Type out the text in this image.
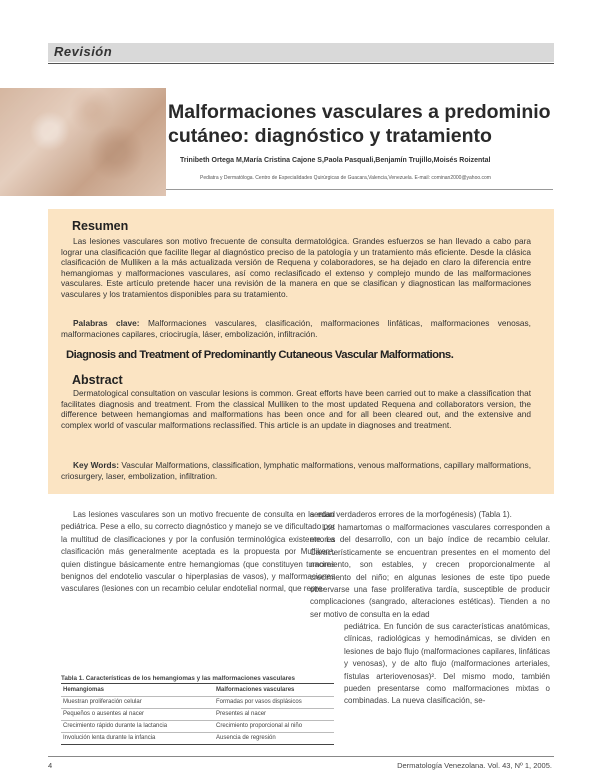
Revisión
Malformaciones vasculares a predominio cutáneo: diagnóstico y tratamiento
Trinibeth Ortega M,María Cristina Cajone S,Paola Pasquali,Benjamín Trujillo,Moisés Roizental
Pediatra y Dermatóloga. Centro de Especialidades Quirúrgicas de Guacara,Valencia,Venezuela. E-mail: cominan2000@yahoo.com
Resumen

Las lesiones vasculares son motivo frecuente de consulta dermatológica. Grandes esfuerzos se han llevado a cabo para lograr una clasificación que facilite llegar al diagnóstico preciso de la patología y un tratamiento más eficiente. Desde la clásica clasificación de Mulliken a la más actualizada versión de Requena y colaboradores, se ha dejado en claro la diferencia entre hemangiomas y malformaciones vasculares, así como reclasificado el extenso y complejo mundo de las malformaciones vasculares. Este artículo pretende hacer una revisión de la manera en que se clasifican y diagnostican las malformaciones vasculares y los tratamientos disponibles para su tratamiento.

Palabras clave: Malformaciones vasculares, clasificación, malformaciones linfáticas, malformaciones venosas, malformaciones capilares, criocirugía, láser, embolización, infiltración.

Diagnosis and Treatment of Predominantly Cutaneous Vascular Malformations.
Abstract

Dermatological consultation on vascular lesions is common. Great efforts have been carried out to make a classification that facilitates diagnosis and treatment. From the classical Mulliken to the most updated Requena and collaborators version, the difference between hemangiomas and malformations has been once and for all been cleared out, and the extensive and complex world of vascular malformations reclassified. This article is an update in diagnoses and treatment.

Key Words: Vascular Malformations, classification, lymphatic malformations, venous malformations, capillary malformations, criosurgery, laser, embolization, infiltration.

Las lesiones vasculares son un motivo frecuente de consulta en la edad pediátrica. Pese a ello, su correcto diagnóstico y manejo se ve dificultado por la multitud de clasificaciones y por la confusión terminológica existente. La clasificación más generalmente aceptada es la propuesta por Mulliken¹, quien distingue básicamente entre hemangiomas (que constituyen tumores benignos del endotelio vascular o hiperplasias de vasos), y malformaciones vasculares (lesiones con un recambio celular endotelial normal, que repre-

sentan verdaderos errores de la morfogénesis) (Tabla 1).

Los hamartomas o malformaciones vasculares corresponden a errores del desarrollo, con un bajo índice de recambio celular. Característicamente se encuentran presentes en el momento del nacimiento, son estables, y crecen proporcionalmente al crecimiento del niño; en algunas lesiones de este tipo puede observarse una fase proliferativa tardía, susceptible de producir complicaciones (sangrado, alteraciones estéticas). Tienden a no ser motivo de consulta en la edad

pediátrica. En función de sus características anatómicas, clínicas, radiológicas y hemodinámicas, se dividen en lesiones de bajo flujo (malformaciones capilares, linfáticas y venosas), y de alto flujo (malformaciones arteriales, fístulas arteriovenosas)². Del mismo modo, también pueden presentarse como malformaciones mixtas o combinadas. La nueva clasificación, se-

Tabla 1. Características de los hemangiomas y las malformaciones vasculares
Hemangiomas	Malformaciones vasculares
Muestran proliferación celular	Formadas por vasos displásicos
Pequeños o ausentes al nacer	Presentes al nacer
Crecimiento rápido durante la lactancia	Crecimiento proporcional al niño
Involución lenta durante la infancia	Ausencia de regresión
4	Dermatología Venezolana. Vol. 43, Nº 1, 2005.
